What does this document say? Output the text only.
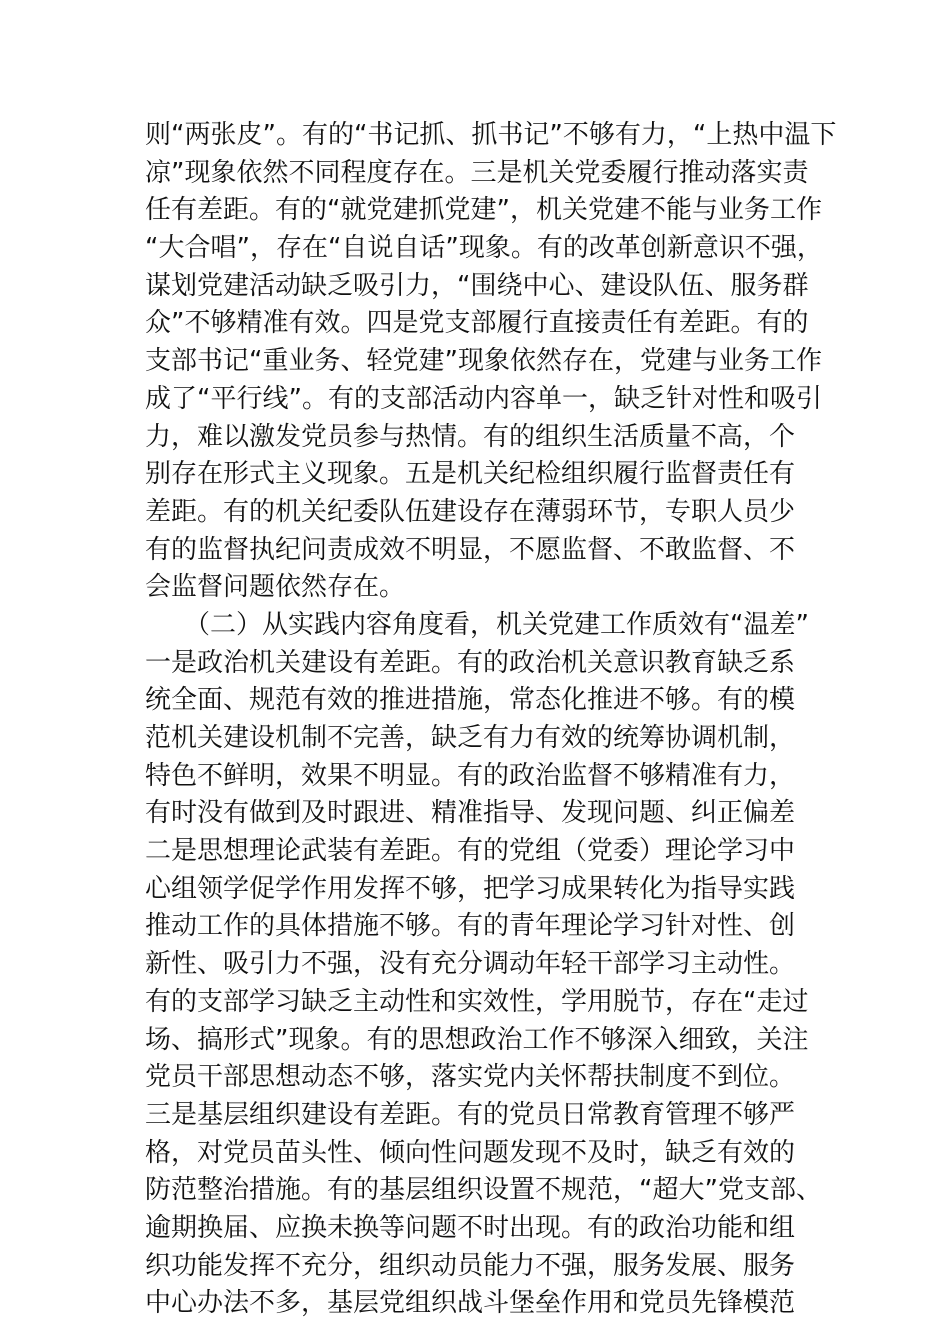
则“两张皮”。有的“书记抓、抓书记”不够有力，“上热中温下
凉”现象依然不同程度存在。三是机关党委履行推动落实责
任有差距。有的“就党建抓党建”，机关党建不能与业务工作
“大合唱”，存在“自说自话”现象。有的改革创新意识不强，
谋划党建活动缺乏吸引力，“围绕中心、建设队伍、服务群
众”不够精准有效。四是党支部履行直接责任有差距。有的
支部书记“重业务、轻党建”现象依然存在，党建与业务工作
成了“平行线”。有的支部活动内容单一，缺乏针对性和吸引
力，难以激发党员参与热情。有的组织生活质量不高，个
别存在形式主义现象。五是机关纪检组织履行监督责任有
差距。有的机关纪委队伍建设存在薄弱环节，专职人员少
有的监督执纪问责成效不明显，不愿监督、不敢监督、不
会监督问题依然存在。
　　（二）从实践内容角度看，机关党建工作质效有“温差”
一是政治机关建设有差距。有的政治机关意识教育缺乏系
统全面、规范有效的推进措施，常态化推进不够。有的模
范机关建设机制不完善，缺乏有力有效的统筹协调机制，
特色不鲜明，效果不明显。有的政治监督不够精准有力，
有时没有做到及时跟进、精准指导、发现问题、纠正偏差
二是思想理论武装有差距。有的党组（党委）理论学习中
心组领学促学作用发挥不够，把学习成果转化为指导实践
推动工作的具体措施不够。有的青年理论学习针对性、创
新性、吸引力不强，没有充分调动年轻干部学习主动性。
有的支部学习缺乏主动性和实效性，学用脱节，存在“走过
场、搞形式”现象。有的思想政治工作不够深入细致，关注
党员干部思想动态不够，落实党内关怀帮扶制度不到位。
三是基层组织建设有差距。有的党员日常教育管理不够严
格，对党员苗头性、倾向性问题发现不及时，缺乏有效的
防范整治措施。有的基层组织设置不规范，“超大”党支部、
逾期换届、应换未换等问题不时出现。有的政治功能和组
织功能发挥不充分，组织动员能力不强，服务发展、服务
中心办法不多，基层党组织战斗堡垒作用和党员先锋模范
